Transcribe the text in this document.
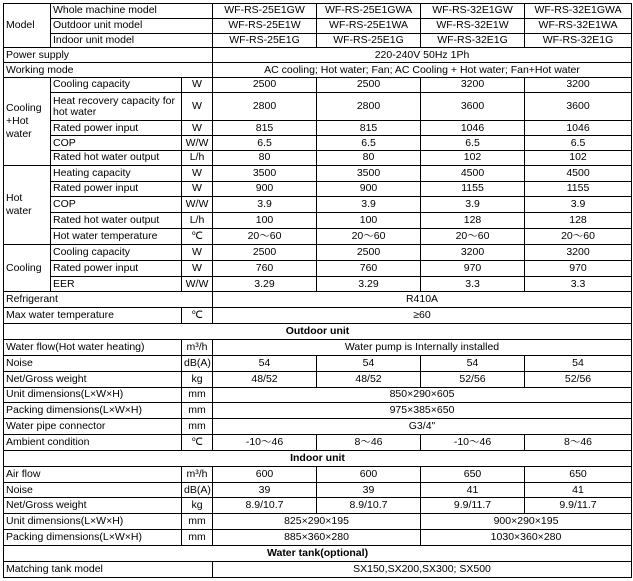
Model	Whole machine model		WF-RS-25E1GW	WF-RS-25E1GWA	WF-RS-32E1GW	WF-RS-32E1GWA
	Outdoor unit model		WF-RS-25E1W	WF-RS-25E1WA	WF-RS-32E1W	WF-RS-32E1WA
	Indoor unit model		WF-RS-25E1G	WF-RS-25E1G	WF-RS-32E1G	WF-RS-32E1G
Power supply			220-240V 50Hz 1Ph			
Working mode			AC cooling; Hot water; Fan; AC Cooling + Hot water; Fan+Hot water			
Cooling +Hot water	Cooling capacity	W	2500	2500	3200	3200
	Heat recovery capacity for hot water	W	2800	2800	3600	3600
	Rated power input	W	815	815	1046	1046
	COP	W/W	6.5	6.5	6.5	6.5
	Rated hot water output	L/h	80	80	102	102
Hot water	Heating capacity	W	3500	3500	4500	4500
	Rated power input	W	900	900	1155	1155
	COP	W/W	3.9	3.9	3.9	3.9
	Rated hot water output	L/h	100	100	128	128
	Hot water temperature	℃	20～60	20～60	20～60	20～60
Cooling	Cooling capacity	W	2500	2500	3200	3200
	Rated power input	W	760	760	970	970
	EER	W/W	3.29	3.29	3.3	3.3
Refrigerant			R410A			
Max water temperature		℃	≥60			
Outdoor unit						
Water flow(Hot water heating)		m³/h	Water pump is Internally installed			
Noise		dB(A)	54	54	54	54
Net/Gross weight		kg	48/52	48/52	52/56	52/56
Unit dimensions(L×W×H)		mm	850×290×605			
Packing dimensions(L×W×H)		mm	975×385×650			
Water pipe connector		mm	G3/4"			
Ambient condition		℃	-10～46	8～46	-10～46	8～46
Indoor unit						
Air flow		m³/h	600	600	650	650
Noise		dB(A)	39	39	41	41
Net/Gross weight		kg	8.9/10.7	8.9/10.7	9.9/11.7	9.9/11.7
Unit dimensions(L×W×H)		mm	825×290×195		900×290×195	
Packing dimensions(L×W×H)		mm	885×360×280		1030×360×280	
Water tank(optional)						
Matching tank model			SX150,SX200,SX300; SX500			
